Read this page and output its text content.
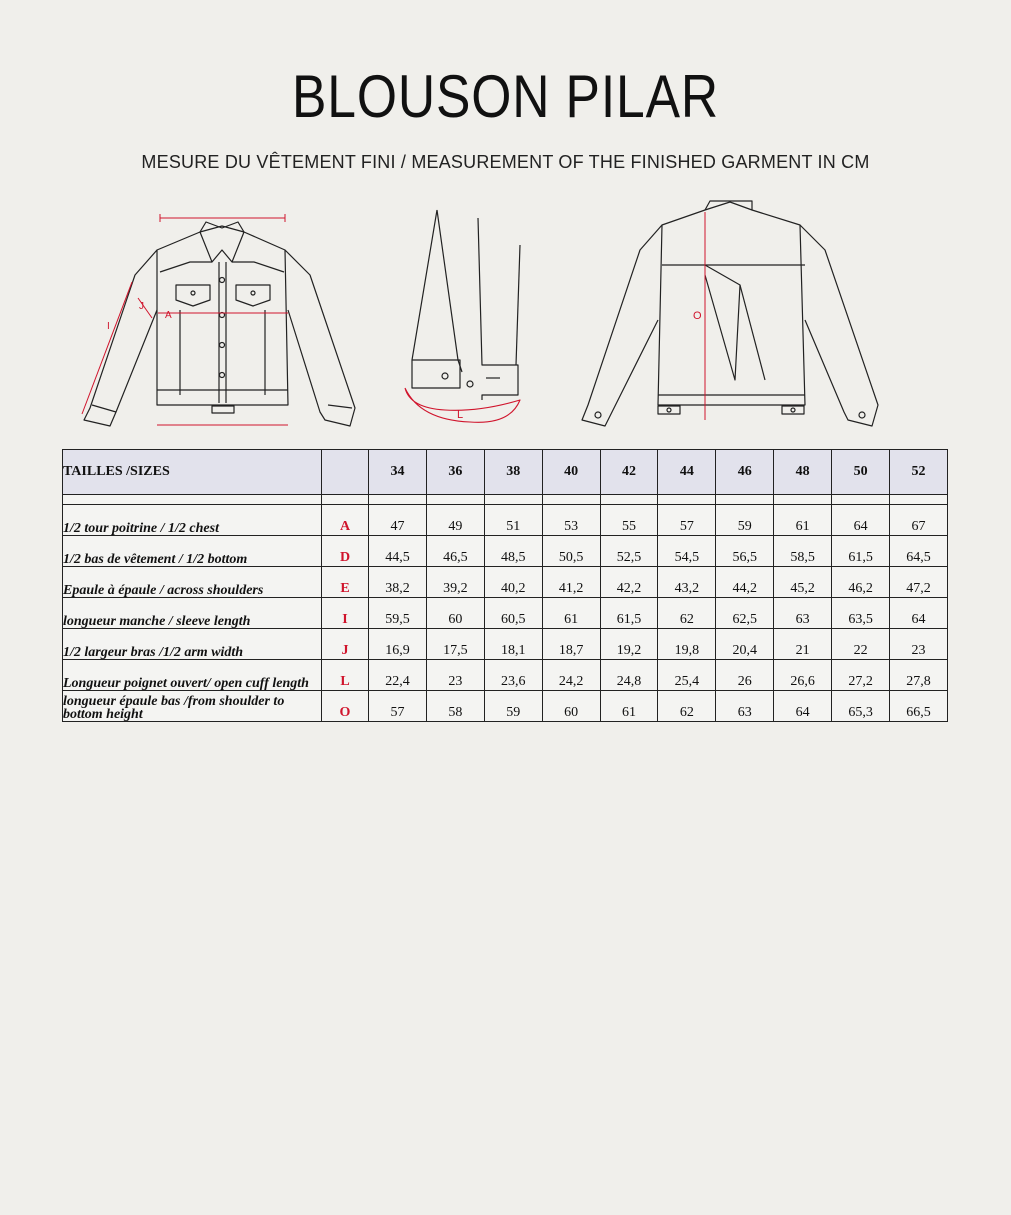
BLOUSON PILAR
MESURE DU VÊTEMENT FINI / MEASUREMENT OF THE FINISHED GARMENT IN CM
A
I
J
L
O
TAILLES /SIZES		34	36	38	40	42	44	46	48	50	52

1/2 tour poitrine / 1/2 chest	A	47	49	51	53	55	57	59	61	64	67
1/2 bas de vêtement / 1/2 bottom	D	44,5	46,5	48,5	50,5	52,5	54,5	56,5	58,5	61,5	64,5
Epaule à épaule / across shoulders	E	38,2	39,2	40,2	41,2	42,2	43,2	44,2	45,2	46,2	47,2
longueur manche / sleeve length	I	59,5	60	60,5	61	61,5	62	62,5	63	63,5	64
1/2 largeur bras /1/2 arm width	J	16,9	17,5	18,1	18,7	19,2	19,8	20,4	21	22	23
Longueur poignet ouvert/ open cuff length	L	22,4	23	23,6	24,2	24,8	25,4	26	26,6	27,2	27,8
longueur épaule bas /from shoulder to bottom height	O	57	58	59	60	61	62	63	64	65,3	66,5
